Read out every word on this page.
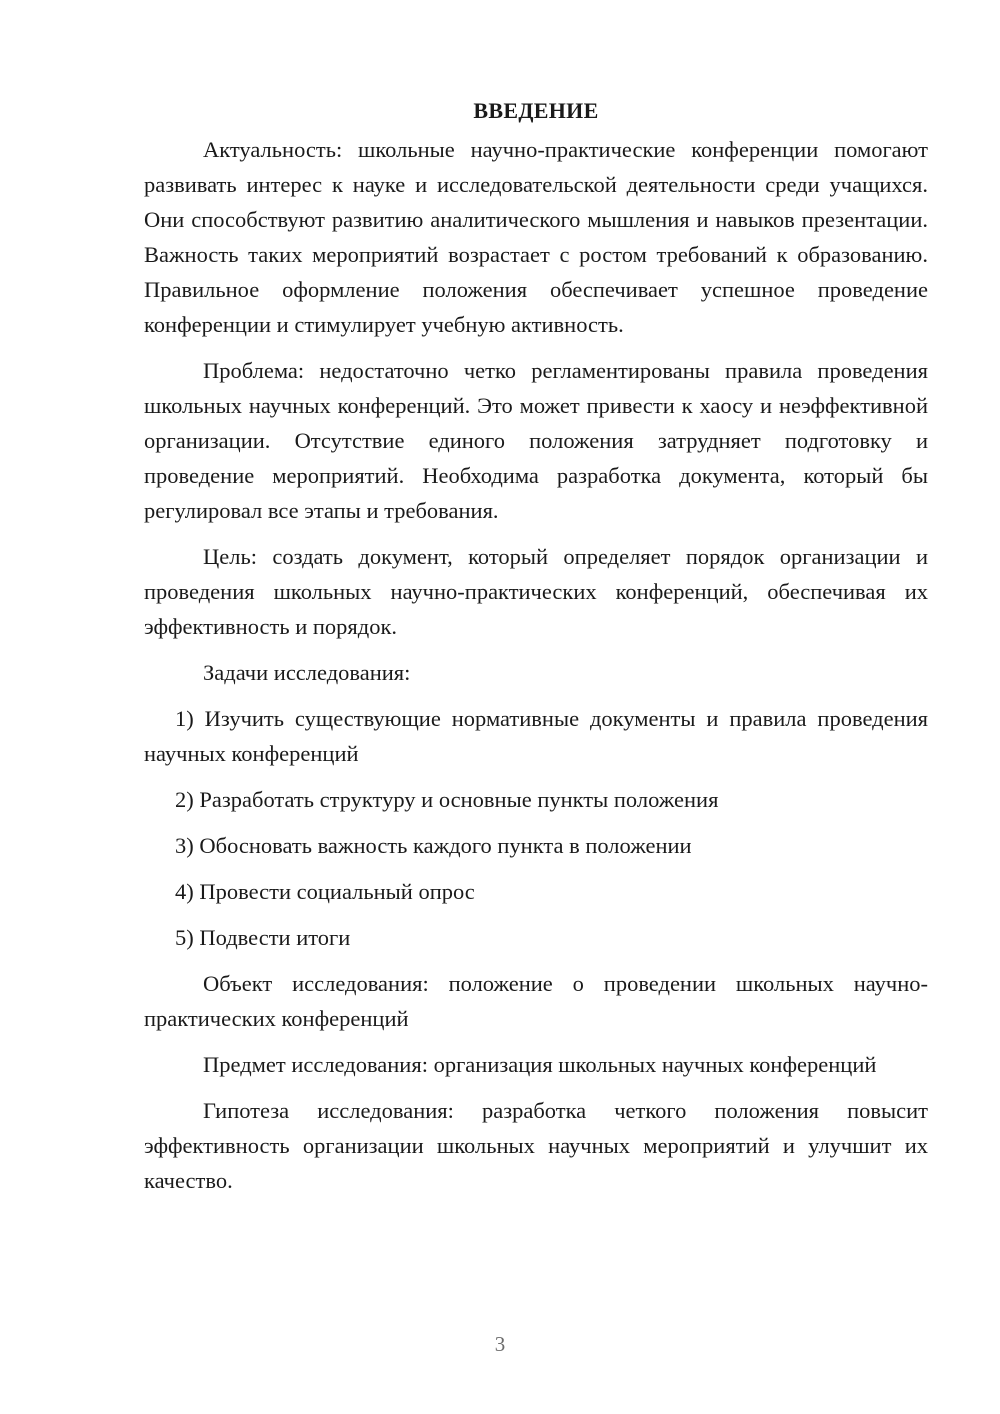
ВВЕДЕНИЕ

Актуальность: школьные научно-практические конференции помогают развивать интерес к науке и исследовательской деятельности среди учащихся. Они способствуют развитию аналитического мышления и навыков презентации. Важность таких мероприятий возрастает с ростом требований к образованию. Правильное оформление положения обеспечивает успешное проведение конференции и стимулирует учебную активность.

Проблема: недостаточно четко регламентированы правила проведения школьных научных конференций. Это может привести к хаосу и неэффективной организации. Отсутствие единого положения затрудняет подготовку и проведение мероприятий. Необходима разработка документа, который бы регулировал все этапы и требования.

Цель: создать документ, который определяет порядок организации и проведения школьных научно-практических конференций, обеспечивая их эффективность и порядок.

Задачи исследования:

1) Изучить существующие нормативные документы и правила проведения научных конференций

2) Разработать структуру и основные пункты положения

3) Обосновать важность каждого пункта в положении

4) Провести социальный опрос

5) Подвести итоги

Объект исследования: положение о проведении школьных научно-практических конференций

Предмет исследования: организация школьных научных конференций

Гипотеза исследования: разработка четкого положения повысит эффективность организации школьных научных мероприятий и улучшит их качество.

3
